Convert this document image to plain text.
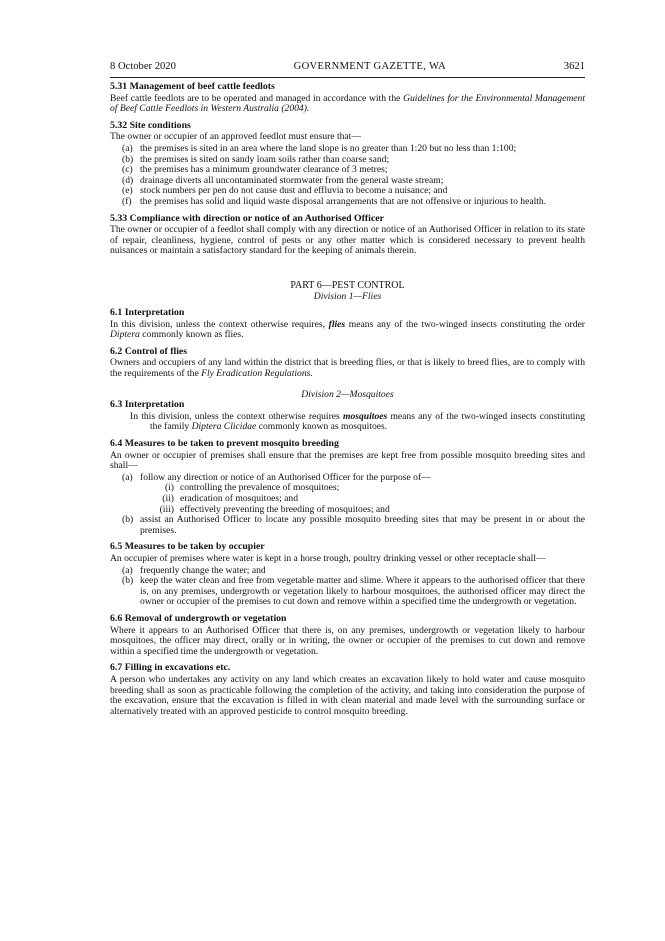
8 October 2020	GOVERNMENT GAZETTE, WA	3621
5.31 Management of beef cattle feedlots

Beef cattle feedlots are to be operated and managed in accordance with the Guidelines for the Environmental Management of Beef Cattle Feedlots in Western Australia (2004).

5.32 Site conditions

The owner or occupier of an approved feedlot must ensure that—

(a) the premises is sited in an area where the land slope is no greater than 1:20 but no less than 1:100;
(b) the premises is sited on sandy loam soils rather than coarse sand;
(c) the premises has a minimum groundwater clearance of 3 metres;
(d) drainage diverts all uncontaminated stormwater from the general waste stream;
(e) stock numbers per pen do not cause dust and effluvia to become a nuisance; and
(f) the premises has solid and liquid waste disposal arrangements that are not offensive or injurious to health.
5.33 Compliance with direction or notice of an Authorised Officer

The owner or occupier of a feedlot shall comply with any direction or notice of an Authorised Officer in relation to its state of repair, cleanliness, hygiene, control of pests or any other matter which is considered necessary to prevent health nuisances or maintain a satisfactory standard for the keeping of animals therein.

PART 6—PEST CONTROL
Division 1—Flies
6.1 Interpretation

In this division, unless the context otherwise requires, flies means any of the two-winged insects constituting the order Diptera commonly known as flies.

6.2 Control of flies

Owners and occupiers of any land within the district that is breeding flies, or that is likely to breed flies, are to comply with the requirements of the Fly Eradication Regulations.

Division 2—Mosquitoes
6.3 Interpretation

In this division, unless the context otherwise requires mosquitoes means any of the two-winged insects constituting the family Diptera Clicidae commonly known as mosquitoes.

6.4 Measures to be taken to prevent mosquito breeding

An owner or occupier of premises shall ensure that the premises are kept free from possible mosquito breeding sites and shall—

(a) follow any direction or notice of an Authorised Officer for the purpose of—
(i) controlling the prevalence of mosquitoes;
(ii) eradication of mosquitoes; and
(iii) effectively preventing the breeding of mosquitoes; and
(b) assist an Authorised Officer to locate any possible mosquito breeding sites that may be present in or about the premises.
6.5 Measures to be taken by occupier

An occupier of premises where water is kept in a horse trough, poultry drinking vessel or other receptacle shall—

(a) frequently change the water; and
(b) keep the water clean and free from vegetable matter and slime. Where it appears to the authorised officer that there is, on any premises, undergrowth or vegetation likely to harbour mosquitoes, the authorised officer may direct the owner or occupier of the premises to cut down and remove within a specified time the undergrowth or vegetation.
6.6 Removal of undergrowth or vegetation

Where it appears to an Authorised Officer that there is, on any premises, undergrowth or vegetation likely to harbour mosquitoes, the officer may direct, orally or in writing, the owner or occupier of the premises to cut down and remove within a specified time the undergrowth or vegetation.

6.7 Filling in excavations etc.

A person who undertakes any activity on any land which creates an excavation likely to hold water and cause mosquito breeding shall as soon as practicable following the completion of the activity, and taking into consideration the purpose of the excavation, ensure that the excavation is filled in with clean material and made level with the surrounding surface or alternatively treated with an approved pesticide to control mosquito breeding.
